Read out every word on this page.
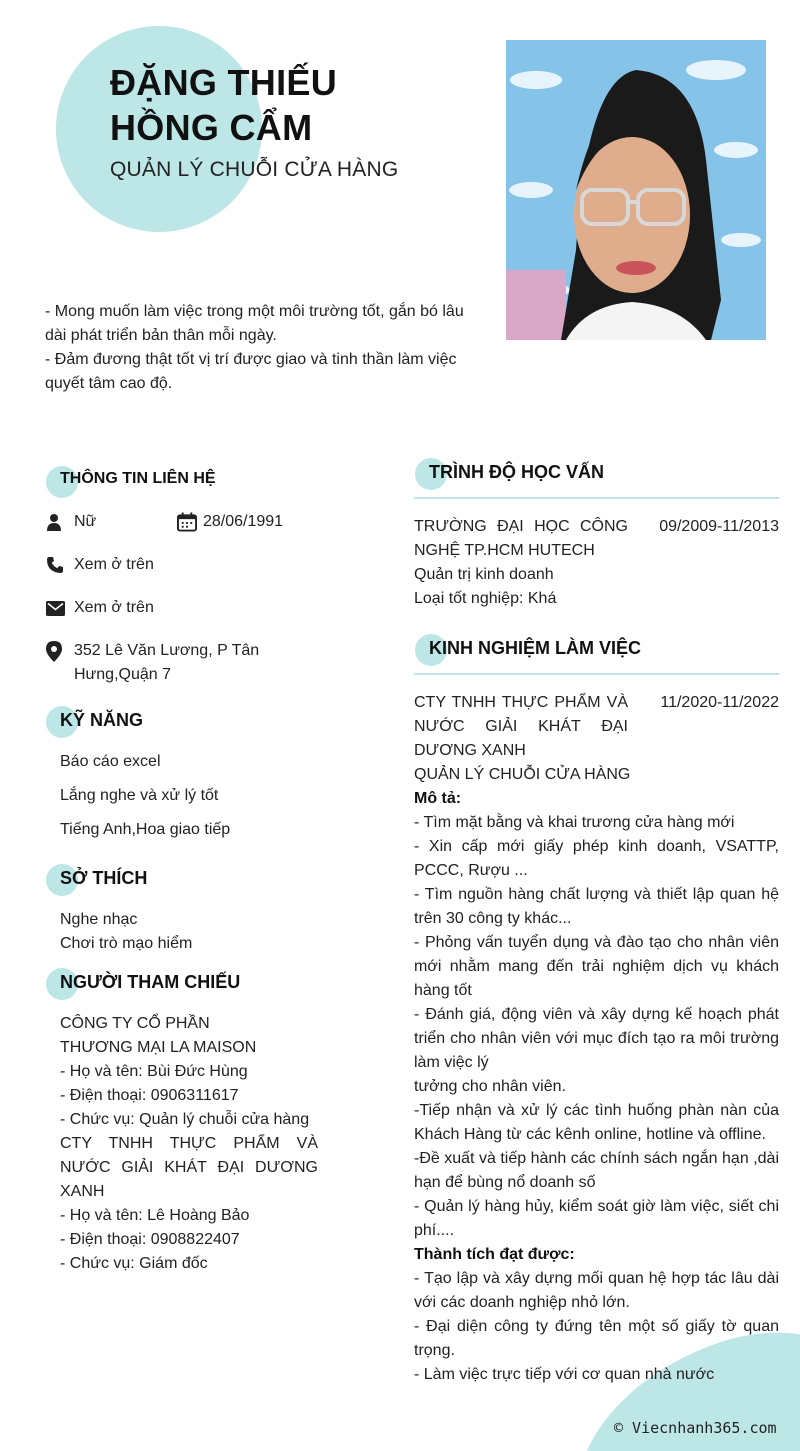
ĐẶNG THIẾU
HỒNG CẨM
QUẢN LÝ CHUỖI CỬA HÀNG
- Mong muốn làm việc trong một môi trường tốt, gắn bó lâu dài phát triển bản thân mỗi ngày.
- Đảm đương thật tốt vị trí được giao và tinh thần làm việc quyết tâm cao độ.
THÔNG TIN LIÊN HỆ
Nữ	28/06/1991
Xem ở trên
Xem ở trên
352 Lê Văn Lương, P Tân
Hưng,Quận 7
KỸ NĂNG
Báo cáo excel
Lắng nghe và xử lý tốt
Tiếng Anh,Hoa giao tiếp
SỞ THÍCH
Nghe nhạc
Chơi trò mạo hiểm
NGƯỜI THAM CHIẾU
CÔNG TY CỔ PHẦN THƯƠNG MẠI LA MAISON
- Họ và tên: Bùi Đức Hùng
- Điện thoại: 0906311617
- Chức vụ: Quản lý chuỗi cửa hàng
CTY TNHH THỰC PHẨM VÀ NƯỚC GIẢI KHÁT ĐẠI DƯƠNG XANH
- Họ và tên: Lê Hoàng Bảo
- Điện thoại: 0908822407
- Chức vụ: Giám đốc
TRÌNH ĐỘ HỌC VẤN
TRƯỜNG ĐẠI HỌC CÔNG NGHỆ TP.HCM HUTECH
09/2009-11/2013
Quản trị kinh doanh
Loại tốt nghiệp: Khá
KINH NGHIỆM LÀM VIỆC
CTY TNHH THỰC PHẨM VÀ NƯỚC GIẢI KHÁT ĐẠI DƯƠNG XANH
11/2020-11/2022
QUẢN LÝ CHUỖI CỬA HÀNG
Mô tả:
- Tìm mặt bằng và khai trương cửa hàng mới
- Xin cấp mới giấy phép kinh doanh, VSATTP, PCCC, Rượu ...
- Tìm nguồn hàng chất lượng và thiết lập quan hệ trên 30 công ty khác...
- Phỏng vấn tuyển dụng và đào tạo cho nhân viên mới nhằm mang đến trải nghiệm dịch vụ khách hàng tốt
- Đánh giá, động viên và xây dựng kế hoạch phát triển cho nhân viên với mục đích tạo ra môi trường làm việc lý
tưởng cho nhân viên.
-Tiếp nhận và xử lý các tình huống phàn nàn của Khách Hàng từ các kênh online, hotline và offline.
-Đề xuất và tiếp hành các chính sách ngắn hạn ,dài hạn để bùng nổ doanh số
- Quản lý hàng hủy, kiểm soát giờ làm việc, siết chi phí....
Thành tích đạt được:
- Tạo lập và xây dựng mối quan hệ hợp tác lâu dài với các doanh nghiệp nhỏ lớn.
- Đại diện công ty đứng tên một số giấy tờ quan trọng.
- Làm việc trực tiếp với cơ quan nhà nước
© Viecnhanh365.com
